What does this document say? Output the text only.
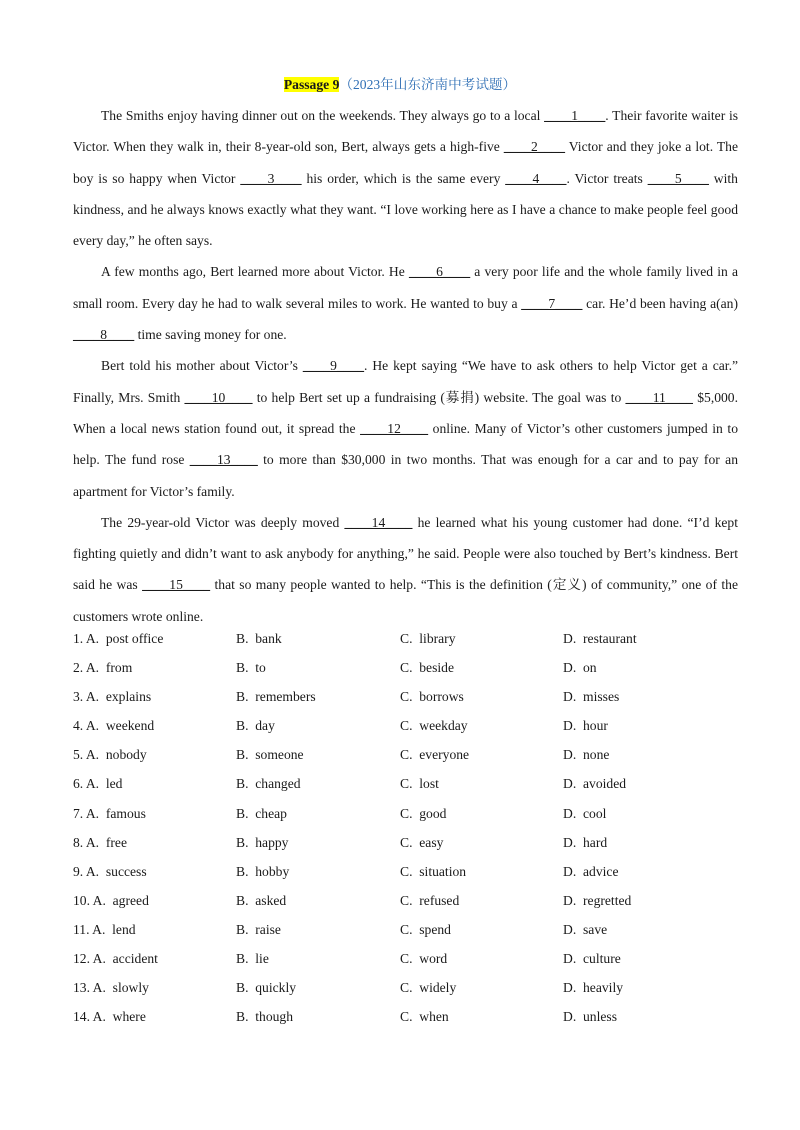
Passage 9（2023年山东济南中考试题）

The Smiths enjoy having dinner out on the weekends. They always go to a local ____1____. Their favorite waiter is Victor. When they walk in, their 8-year-old son, Bert, always gets a high-five ____2____ Victor and they joke a lot. The boy is so happy when Victor ____3____ his order, which is the same every ____4____. Victor treats ____5____ with kindness, and he always knows exactly what they want. “I love working here as I have a chance to make people feel good every day,” he often says.

A few months ago, Bert learned more about Victor. He ____6____ a very poor life and the whole family lived in a small room. Every day he had to walk several miles to work. He wanted to buy a ____7____ car. He’d been having a(an) ____8____ time saving money for one.

Bert told his mother about Victor’s ____9____. He kept saying “We have to ask others to help Victor get a car.” Finally, Mrs. Smith ____10____ to help Bert set up a fundraising (募捐) website. The goal was to ____11____ $5,000. When a local news station found out, it spread the ____12____ online. Many of Victor’s other customers jumped in to help. The fund rose ____13____ to more than $30,000 in two months. That was enough for a car and to pay for an apartment for Victor’s family.

The 29-year-old Victor was deeply moved ____14____ he learned what his young customer had done. “I’d kept fighting quietly and didn’t want to ask anybody for anything,” he said. People were also touched by Bert’s kindness. Bert said he was ____15____ that so many people wanted to help. “This is the definition (定义) of community,” one of the customers wrote online.

1. A.  post office	B.  bank	C.  library	D.  restaurant
2. A.  from	B.  to	C.  beside	D.  on
3. A.  explains	B.  remembers	C.  borrows	D.  misses
4. A.  weekend	B.  day	C.  weekday	D.  hour
5. A.  nobody	B.  someone	C.  everyone	D.  none
6. A.  led	B.  changed	C.  lost	D.  avoided
7. A.  famous	B.  cheap	C.  good	D.  cool
8. A.  free	B.  happy	C.  easy	D.  hard
9. A.  success	B.  hobby	C.  situation	D.  advice
10. A.  agreed	B.  asked	C.  refused	D.  regretted
11. A.  lend	B.  raise	C.  spend	D.  save
12. A.  accident	B.  lie	C.  word	D.  culture
13. A.  slowly	B.  quickly	C.  widely	D.  heavily
14. A.  where	B.  though	C.  when	D.  unless
